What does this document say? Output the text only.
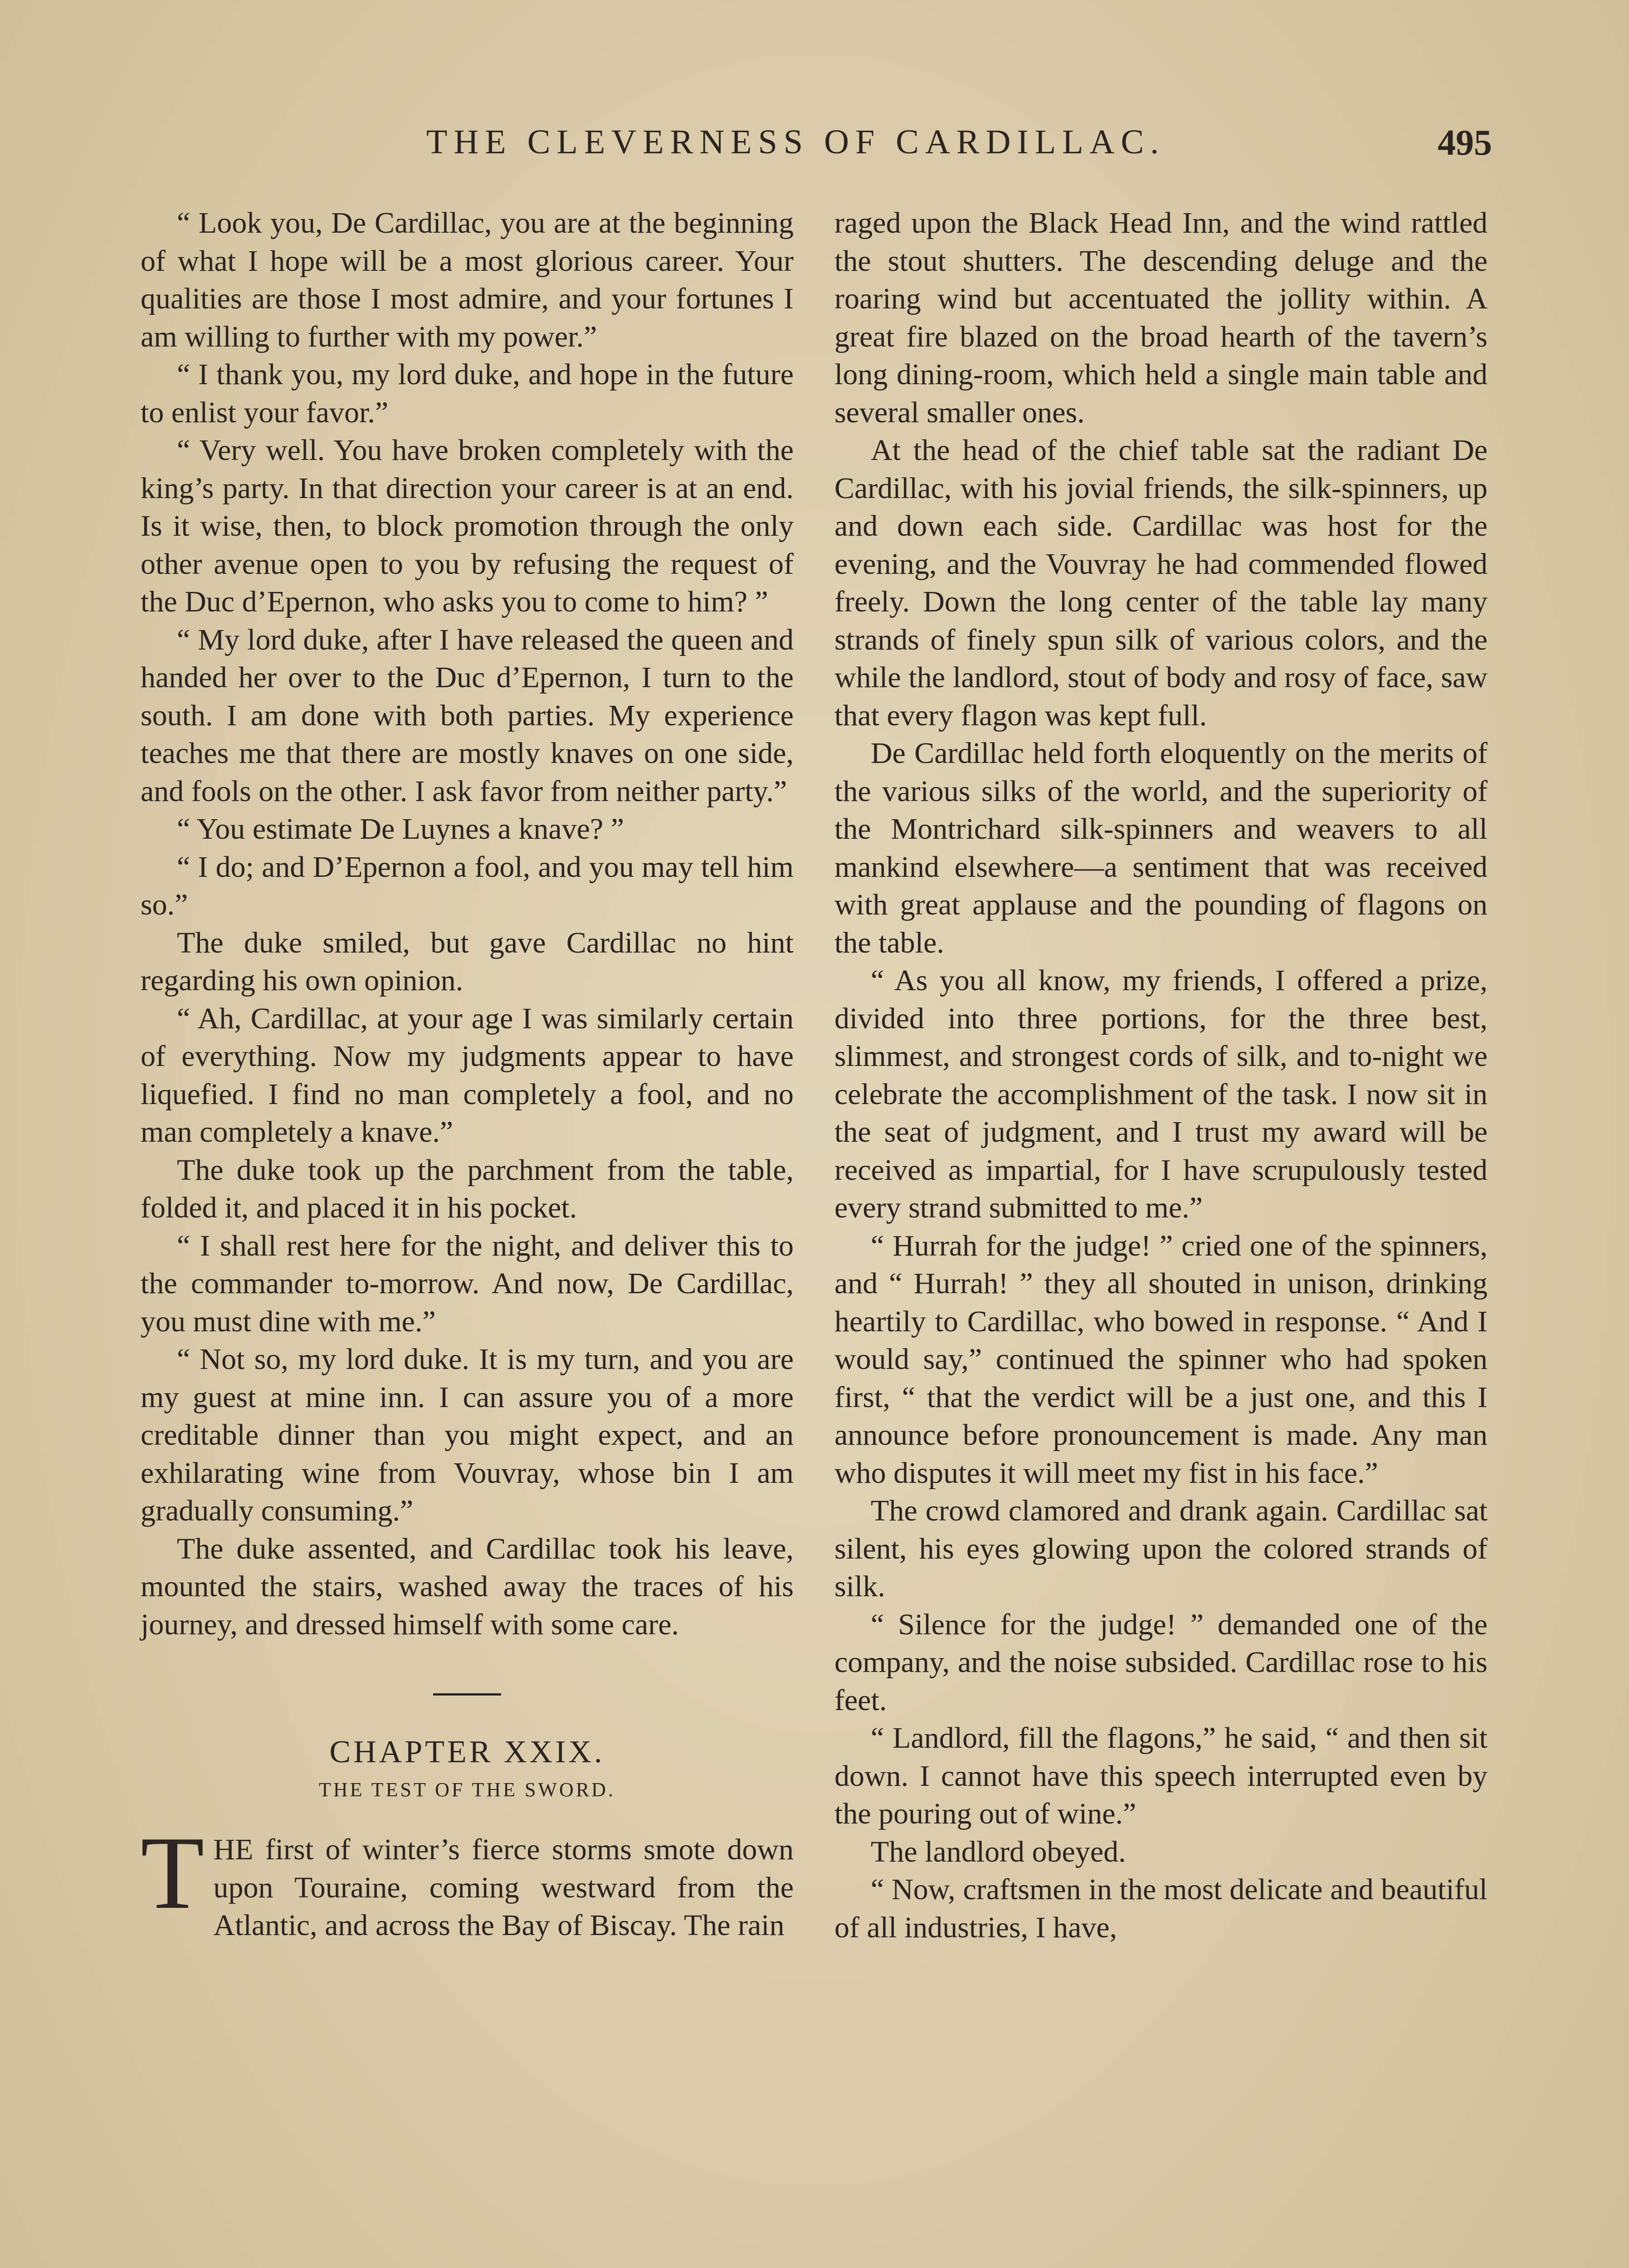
THE CLEVERNESS OF CARDILLAC.	495

“ Look you, De Cardillac, you are at the beginning of what I hope will be a most glorious career. Your qualities are those I most admire, and your fortunes I am willing to further with my power.”

“ I thank you, my lord duke, and hope in the future to enlist your favor.”

“ Very well. You have broken completely with the king’s party. In that direction your career is at an end. Is it wise, then, to block promotion through the only other avenue open to you by refusing the request of the Duc d’Epernon, who asks you to come to him? ”

“ My lord duke, after I have released the queen and handed her over to the Duc d’Epernon, I turn to the south. I am done with both parties. My experience teaches me that there are mostly knaves on one side, and fools on the other. I ask favor from neither party.”

“ You estimate De Luynes a knave? ”

“ I do; and D’Epernon a fool, and you may tell him so.”

The duke smiled, but gave Cardillac no hint regarding his own opinion.

“ Ah, Cardillac, at your age I was similarly certain of everything. Now my judgments appear to have liquefied. I find no man completely a fool, and no man completely a knave.”

The duke took up the parchment from the table, folded it, and placed it in his pocket.

“ I shall rest here for the night, and deliver this to the commander to-morrow. And now, De Cardillac, you must dine with me.”

“ Not so, my lord duke. It is my turn, and you are my guest at mine inn. I can assure you of a more creditable dinner than you might expect, and an exhilarating wine from Vouvray, whose bin I am gradually consuming.”

The duke assented, and Cardillac took his leave, mounted the stairs, washed away the traces of his journey, and dressed himself with some care.

CHAPTER XXIX.

THE TEST OF THE SWORD.

T HE first of winter’s fierce storms smote down upon Touraine, coming westward from the Atlantic, and across the Bay of Biscay. The rain

raged upon the Black Head Inn, and the wind rattled the stout shutters. The descending deluge and the roaring wind but accentuated the jollity within. A great fire blazed on the broad hearth of the tavern’s long dining-room, which held a single main table and several smaller ones.

At the head of the chief table sat the radiant De Cardillac, with his jovial friends, the silk-spinners, up and down each side. Cardillac was host for the evening, and the Vouvray he had commended flowed freely. Down the long center of the table lay many strands of finely spun silk of various colors, and the while the landlord, stout of body and rosy of face, saw that every flagon was kept full.

De Cardillac held forth eloquently on the merits of the various silks of the world, and the superiority of the Montrichard silk-spinners and weavers to all mankind elsewhere—a sentiment that was received with great applause and the pounding of flagons on the table.

“ As you all know, my friends, I offered a prize, divided into three portions, for the three best, slimmest, and strongest cords of silk, and to-night we celebrate the accomplishment of the task. I now sit in the seat of judgment, and I trust my award will be received as impartial, for I have scrupulously tested every strand submitted to me.”

“ Hurrah for the judge! ” cried one of the spinners, and “ Hurrah! ” they all shouted in unison, drinking heartily to Cardillac, who bowed in response. “ And I would say,” continued the spinner who had spoken first, “ that the verdict will be a just one, and this I announce before pronouncement is made. Any man who disputes it will meet my fist in his face.”

The crowd clamored and drank again. Cardillac sat silent, his eyes glowing upon the colored strands of silk.

“ Silence for the judge! ” demanded one of the company, and the noise subsided. Cardillac rose to his feet.

“ Landlord, fill the flagons,” he said, “ and then sit down. I cannot have this speech interrupted even by the pouring out of wine.”

The landlord obeyed.

“ Now, craftsmen in the most delicate and beautiful of all industries, I have,
